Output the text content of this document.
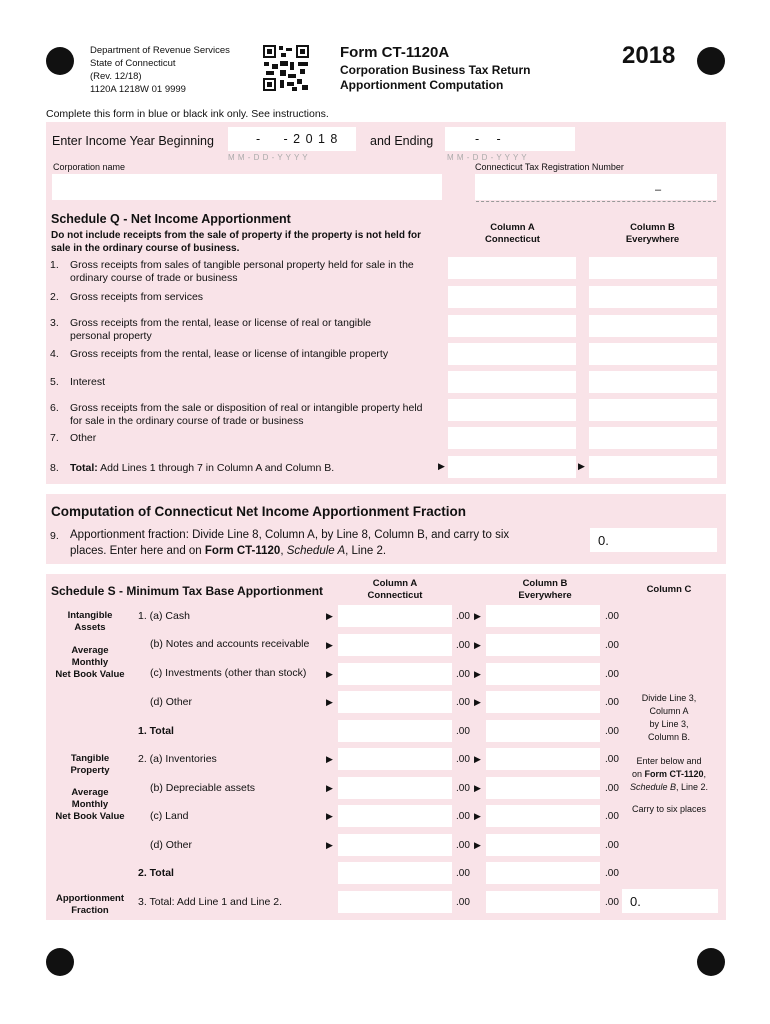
Department of Revenue Services
State of Connecticut
(Rev. 12/18)
1120A 1218W 01 9999
Form CT-1120A
Corporation Business Tax Return
Apportionment Computation
2018
Complete this form in blue or black ink only. See instructions.
Enter Income Year Beginning	-     - 2 0 1 8
M M - D D - Y Y Y Y
and Ending	-     -
M M - D D - Y Y Y Y
Corporation name	Connecticut Tax Registration Number
–
Schedule Q - Net Income Apportionment
Do not include receipts from the sale of property if the property is not held for sale in the ordinary course of business.
Column A
Connecticut
Column B
Everywhere
1. Gross receipts from sales of tangible personal property held for sale in the ordinary course of trade or business
2. Gross receipts from services
3. Gross receipts from the rental, lease or license of real or tangible personal property
4. Gross receipts from the rental, lease or license of intangible property
5. Interest
6. Gross receipts from the sale or disposition of real or intangible property held for sale in the ordinary course of trade or business
7. Other
8. Total: Add Lines 1 through 7 in Column A and Column B.	▶	▶
Computation of Connecticut Net Income Apportionment Fraction
9. Apportionment fraction: Divide Line 8, Column A, by Line 8, Column B, and carry to six
places. Enter here and on Form CT-1120, Schedule A, Line 2.
0.
Schedule S - Minimum Tax Base Apportionment
Column A
Connecticut
Column B
Everywhere
Column C
Intangible
Assets
Average
Monthly
Net Book Value
Tangible
Property
Average
Monthly
Net Book Value
Apportionment
Fraction
1. (a) Cash	▶	.00 ▶	.00
(b) Notes and accounts receivable ▶	.00 ▶	.00
(c) Investments (other than stock) ▶	.00 ▶	.00
(d) Other	▶	.00 ▶	.00
1. Total	.00	.00
2. (a) Inventories	▶	.00 ▶	.00
(b) Depreciable assets	▶	.00 ▶	.00
(c) Land	▶	.00 ▶	.00
(d) Other	▶	.00 ▶	.00
2. Total	.00	.00
3. Total: Add Line 1 and Line 2.	.00	.00 0.
Divide Line 3,
Column A
by Line 3,
Column B.
Enter below and
on Form CT-1120,
Schedule B, Line 2.
Carry to six places
